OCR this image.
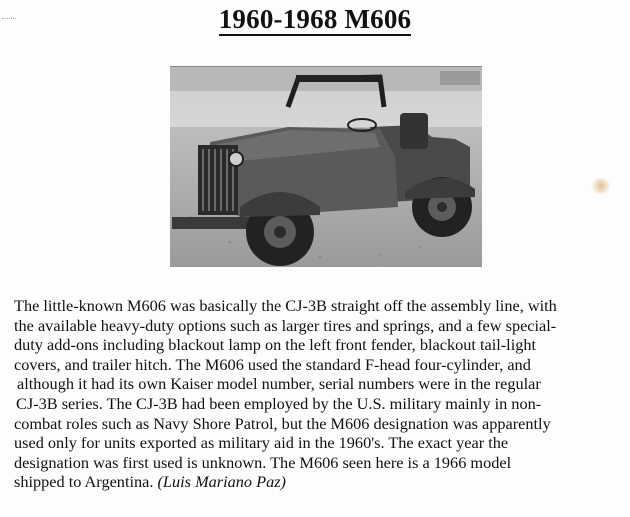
1960-1968 M606
The little-known M606 was basically the CJ-3B straight off the assembly line, with
the available heavy-duty options such as larger tires and springs, and a few special-
duty add-ons including blackout lamp on the left front fender, blackout tail-light
covers, and trailer hitch. The M606 used the standard F-head four-cylinder, and
although it had its own Kaiser model number, serial numbers were in the regular
CJ-3B series. The CJ-3B had been employed by the U.S. military mainly in non-
combat roles such as Navy Shore Patrol, but the M606 designation was apparently
used only for units exported as military aid in the 1960's. The exact year the
designation was first used is unknown. The M606 seen here is a 1966 model
shipped to Argentina. (Luis Mariano Paz)
